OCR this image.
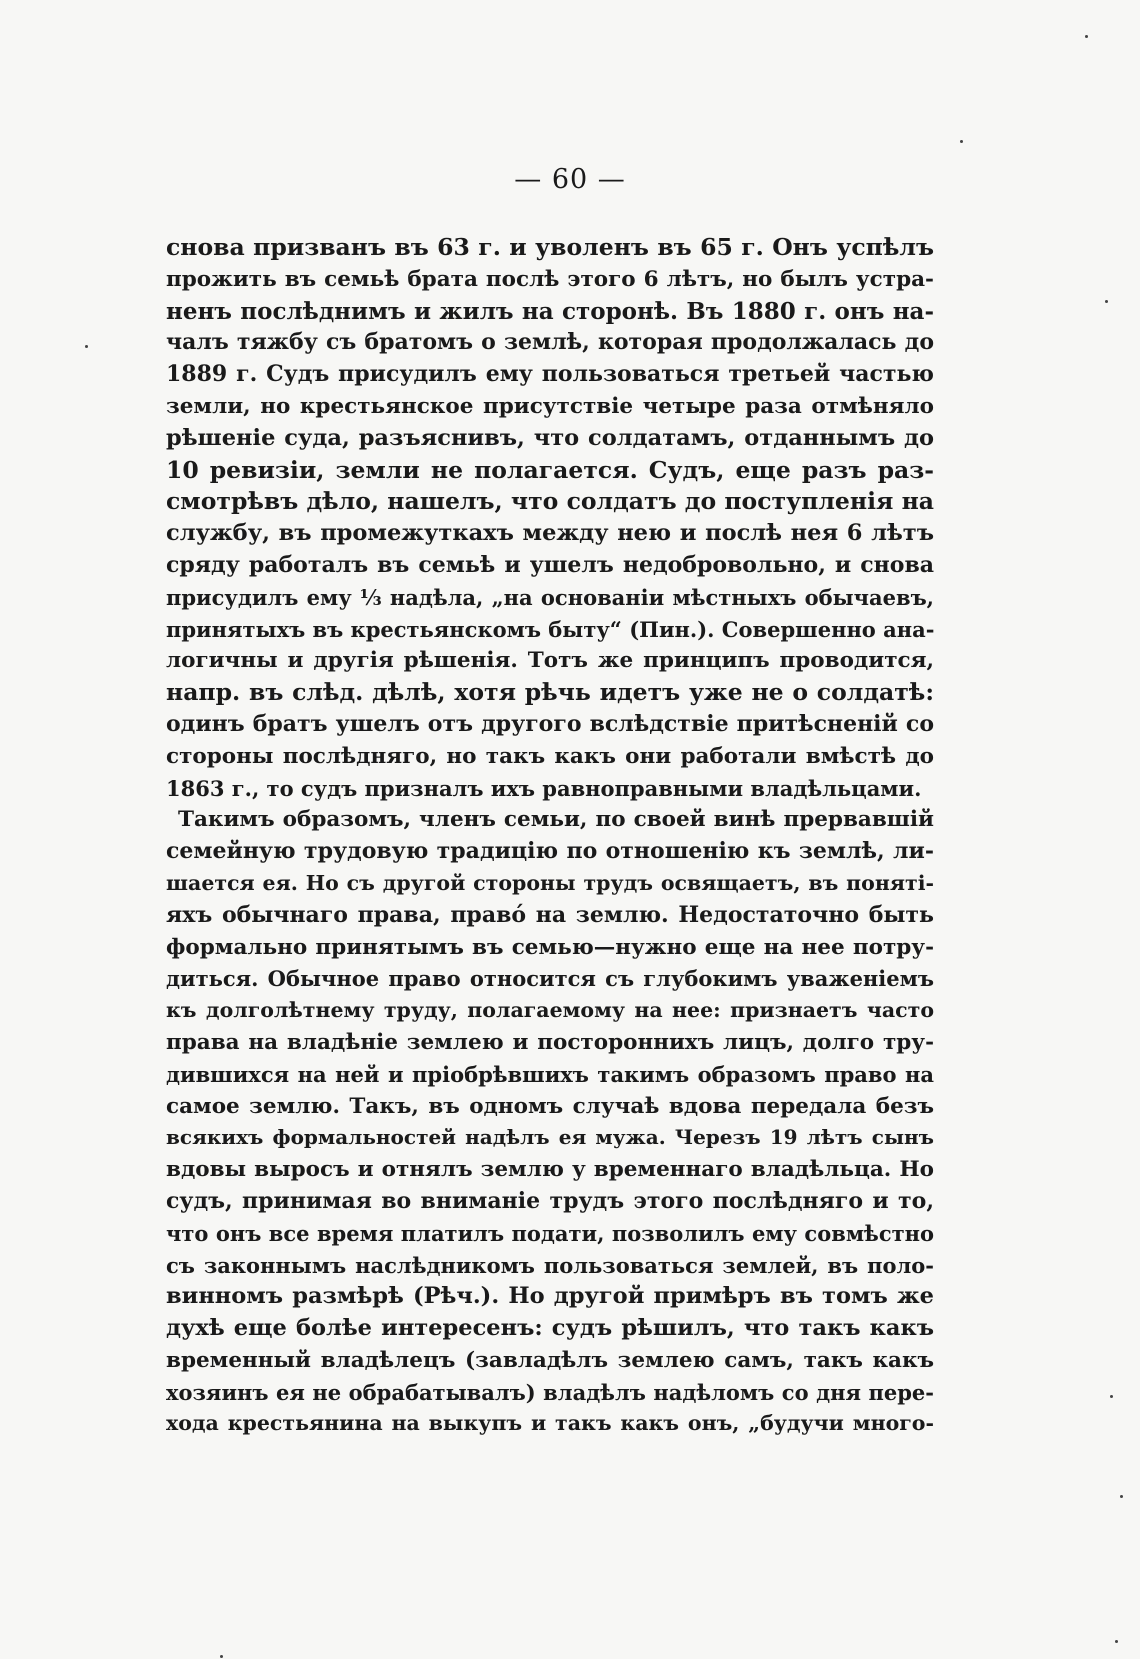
— 60 —
снова призванъ въ 63 г. и уволенъ въ 65 г. Онъ успѣлъ
прожить въ семьѣ брата послѣ этого 6 лѣтъ, но былъ устра-
ненъ послѣднимъ и жилъ на сторонѣ. Въ 1880 г. онъ на-
чалъ тяжбу съ братомъ о землѣ, которая продолжалась до
1889 г. Судъ присудилъ ему пользоваться третьей частью
земли, но крестьянское присутствіе четыре раза отмѣняло
рѣшеніе суда, разъяснивъ, что солдатамъ, отданнымъ до
10 ревизіи, земли не полагается. Судъ, еще разъ раз-
смотрѣвъ дѣло, нашелъ, что солдатъ до поступленія на
службу, въ промежуткахъ между нею и послѣ нея 6 лѣтъ
сряду работалъ въ семьѣ и ушелъ недобровольно, и снова
присудилъ ему ⅓ надѣла, „на основаніи мѣстныхъ обычаевъ,
принятыхъ въ крестьянскомъ быту“ (Пин.). Совершенно ана-
логичны и другія рѣшенія. Тотъ же принципъ проводится,
напр. въ слѣд. дѣлѣ, хотя рѣчь идетъ уже не о солдатѣ:
одинъ братъ ушелъ отъ другого вслѣдствіе притѣсненій со
стороны послѣдняго, но такъ какъ они работали вмѣстѣ до
1863 г., то судъ призналъ ихъ равноправными владѣльцами.
Такимъ образомъ, членъ семьи, по своей винѣ прервавшій
семейную трудовую традицію по отношенію къ землѣ, ли-
шается ея. Но съ другой стороны трудъ освящаетъ, въ понятi-
яхъ обычнаго права, право́ на землю. Недостаточно быть
формально принятымъ въ семью—нужно еще на нее потру-
диться. Обычное право относится съ глубокимъ уваженіемъ
къ долголѣтнему труду, полагаемому на нее: признаетъ часто
права на владѣніе землею и постороннихъ лицъ, долго тру-
дившихся на ней и пріобрѣвшихъ такимъ образомъ право на
самое землю. Такъ, въ одномъ случаѣ вдова передала безъ
всякихъ формальностей надѣлъ ея мужа. Черезъ 19 лѣтъ сынъ
вдовы выросъ и отнялъ землю у временнаго владѣльца. Но
судъ, принимая во вниманіе трудъ этого послѣдняго и то,
что онъ все время платилъ подати, позволилъ ему совмѣстно
съ законнымъ наслѣдникомъ пользоваться землей, въ поло-
винномъ размѣрѣ (Рѣч.). Но другой примѣръ въ томъ же
духѣ еще болѣе интересенъ: судъ рѣшилъ, что такъ какъ
временный владѣлецъ (завладѣлъ землею самъ, такъ какъ
хозяинъ ея не обрабатывалъ) владѣлъ надѣломъ со дня пере-
хода крестьянина на выкупъ и такъ какъ онъ, „будучи много-
